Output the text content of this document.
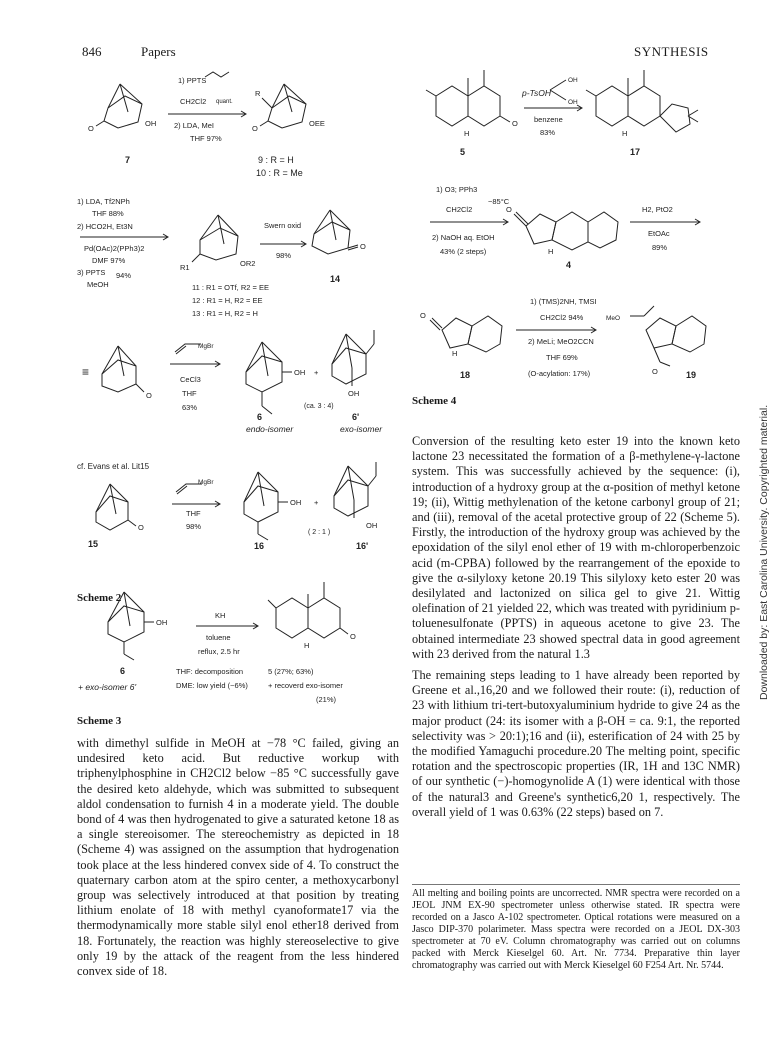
846	Papers	SYNTHESIS
Downloaded by: East Carolina University. Copyrighted material.
O
OH
7
1) PPTS
CH2Cl2 quant.
2) LDA, MeI
THF 97%
R
O
OEE
9 : R = H
10 : R = Me
1) LDA, Tf2NPh
THF 88%
2) HCO2H, Et3N
Pd(OAc)2(PPh3)2
DMF 97%
3) PPTS
MeOH
94%
R1	OR2
11 : R1 = OTf, R2 = EE
12 : R1 = H, R2 = EE
13 : R1 = H, R2 = H
Swern oxid
98%
O
14
≡
O
MgBr
CeCl3
THF
63%
OH +
6
endo-isomer
OH
(ca. 3 : 4)
6'
exo-isomer
cf. Evans et al. Lit15
O
15
MgBr
THF
98%
OH +
16
OH
( 2 : 1 )
16'
OH
KH
toluene
reflux, 2.5 hr
O
H
6
+ exo-isomer 6'
THF: decomposition
DME: low yield (~6%)
5 (27%; 63%)
+ recoverd exo-isomer
(21%)
O
H
5
p-TsOH
OH
OH
benzene
83%	H
17
1) O3; PPh3
CH2Cl2
−85°C
2) NaOH aq. EtOH
43% (2 steps)
O
H
4
H2, PtO2
EtOAc
89%
O
H
18
1) (TMS)2NH, TMSI
CH2Cl2 94%
2) MeLi; MeO2CCN
THF 69%
(O-acylation: 17%)
MeO
O	19
Scheme 2
Scheme 3
Scheme 4

with dimethyl sulfide in MeOH at −78 °C failed, giving an undesired keto acid. But reductive workup with triphenylphosphine in CH2Cl2 below −85 °C successfully gave the desired keto aldehyde, which was submitted to subsequent aldol condensation to furnish 4 in a moderate yield. The double bond of 4 was then hydrogenated to give a saturated ketone 18 as a single stereoisomer. The stereochemistry as depicted in 18 (Scheme 4) was assigned on the assumption that hydrogenation took place at the less hindered convex side of 4. To construct the quaternary carbon atom at the spiro center, a methoxycarbonyl group was selectively introduced at that position by treating lithium enolate of 18 with methyl cyanoformate17 via the thermodynamically more stable silyl enol ether18 derived from 18. Fortunately, the reaction was highly stereoselective to give only 19 by the attack of the reagent from the less hindered convex side of 18.

Conversion of the resulting keto ester 19 into the known keto lactone 23 necessitated the formation of a β-methylene-γ-lactone system. This was successfully achieved by the sequence: (i), introduction of a hydroxy group at the α-position of methyl ketone 19; (ii), Wittig methylenation of the ketone carbonyl group of 21; and (iii), removal of the acetal protective group of 22 (Scheme 5). Firstly, the introduction of the hydroxy group was achieved by the epoxidation of the silyl enol ether of 19 with m-chloroperbenzoic acid (m-CPBA) followed by the rearrangement of the epoxide to give the α-silyloxy ketone 20.19 This silyloxy keto ester 20 was desilylated and lactonized on silica gel to give 21. Wittig olefination of 21 yielded 22, which was treated with pyridinium p-toluenesulfonate (PPTS) in aqueous acetone to give 23. The obtained intermediate 23 showed spectral data in good agreement with 23 derived from the natural 1.3

The remaining steps leading to 1 have already been reported by Greene et al.,16,20 and we followed their route: (i), reduction of 23 with lithium tri-tert-butoxyaluminium hydride to give 24 as the major product (24: its isomer with a β-OH = ca. 9:1, the reported selectivity was > 20:1);16 and (ii), esterification of 24 with 25 by the modified Yamaguchi procedure.20 The melting point, specific rotation and the spectroscopic properties (IR, 1H and 13C NMR) of our synthetic (−)-homogynolide A (1) were identical with those of the natural3 and Greene's synthetic6,20 1, respectively. The overall yield of 1 was 0.63% (22 steps) based on 7.

All melting and boiling points are uncorrected. NMR spectra were recorded on a JEOL JNM EX-90 spectrometer unless otherwise stated. IR spectra were recorded on a Jasco A-102 spectrometer. Optical rotations were measured on a Jasco DIP-370 polarimeter. Mass spectra were recorded on a JEOL DX-303 spectrometer at 70 eV. Column chromatography was carried out on columns packed with Merck Kieselgel 60. Art. Nr. 7734. Preparative thin layer chromatography was carried out with Merck Kieselgel 60 F254 Art. Nr. 5744.
